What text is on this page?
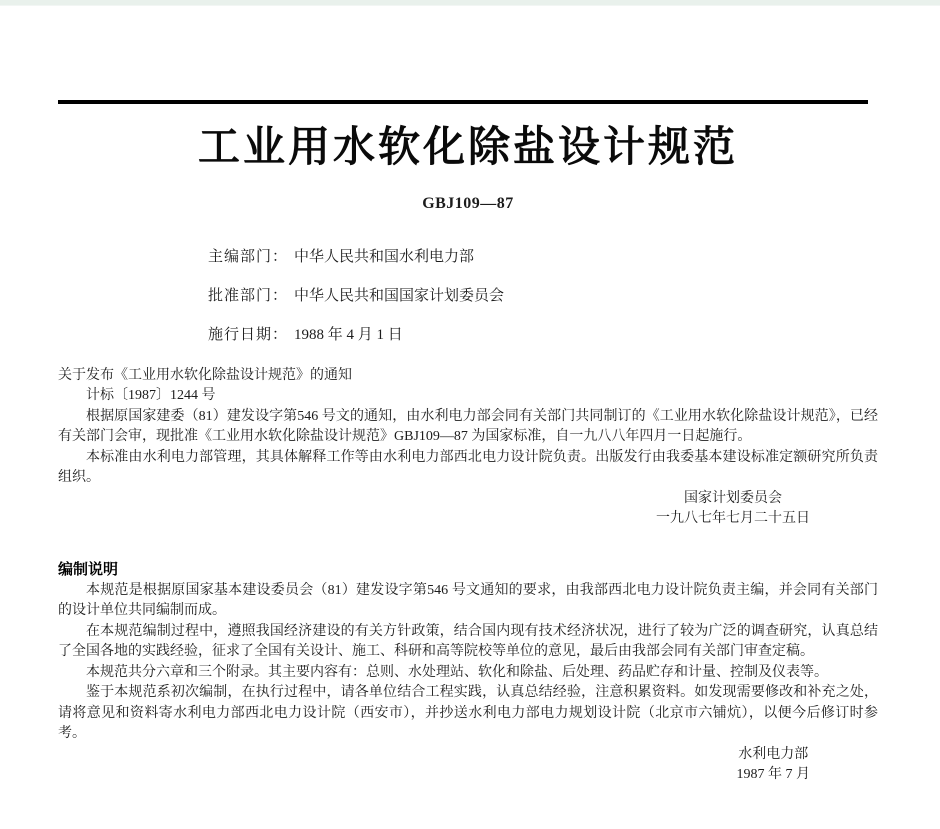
工业用水软化除盐设计规范
GBJ109—87
主编部门： 中华人民共和国水利电力部
批准部门： 中华人民共和国国家计划委员会
施行日期： 1988 年 4 月 1 日

关于发布《工业用水软化除盐设计规范》的通知

计标〔1987〕1244 号

根据原国家建委（81）建发设字第546 号文的通知，由水利电力部会同有关部门共同制订的《工业用水软化除盐设计规范》，已经有关部门会审，现批准《工业用水软化除盐设计规范》GBJ109—87 为国家标准，自一九八八年四月一日起施行。

本标准由水利电力部管理，其具体解释工作等由水利电力部西北电力设计院负责。出版发行由我委基本建设标准定额研究所负责组织。

国家计划委员会
一九八七年七月二十五日
编制说明

本规范是根据原国家基本建设委员会（81）建发设字第546 号文通知的要求，由我部西北电力设计院负责主编，并会同有关部门的设计单位共同编制而成。

在本规范编制过程中，遵照我国经济建设的有关方针政策，结合国内现有技术经济状况，进行了较为广泛的调查研究，认真总结了全国各地的实践经验，征求了全国有关设计、施工、科研和高等院校等单位的意见，最后由我部会同有关部门审查定稿。

本规范共分六章和三个附录。其主要内容有：总则、水处理站、软化和除盐、后处理、药品贮存和计量、控制及仪表等。

鉴于本规范系初次编制，在执行过程中，请各单位结合工程实践，认真总结经验，注意积累资料。如发现需要修改和补充之处，请将意见和资料寄水利电力部西北电力设计院（西安市），并抄送水利电力部电力规划设计院（北京市六铺炕），以便今后修订时参考。

水利电力部
1987 年 7 月
